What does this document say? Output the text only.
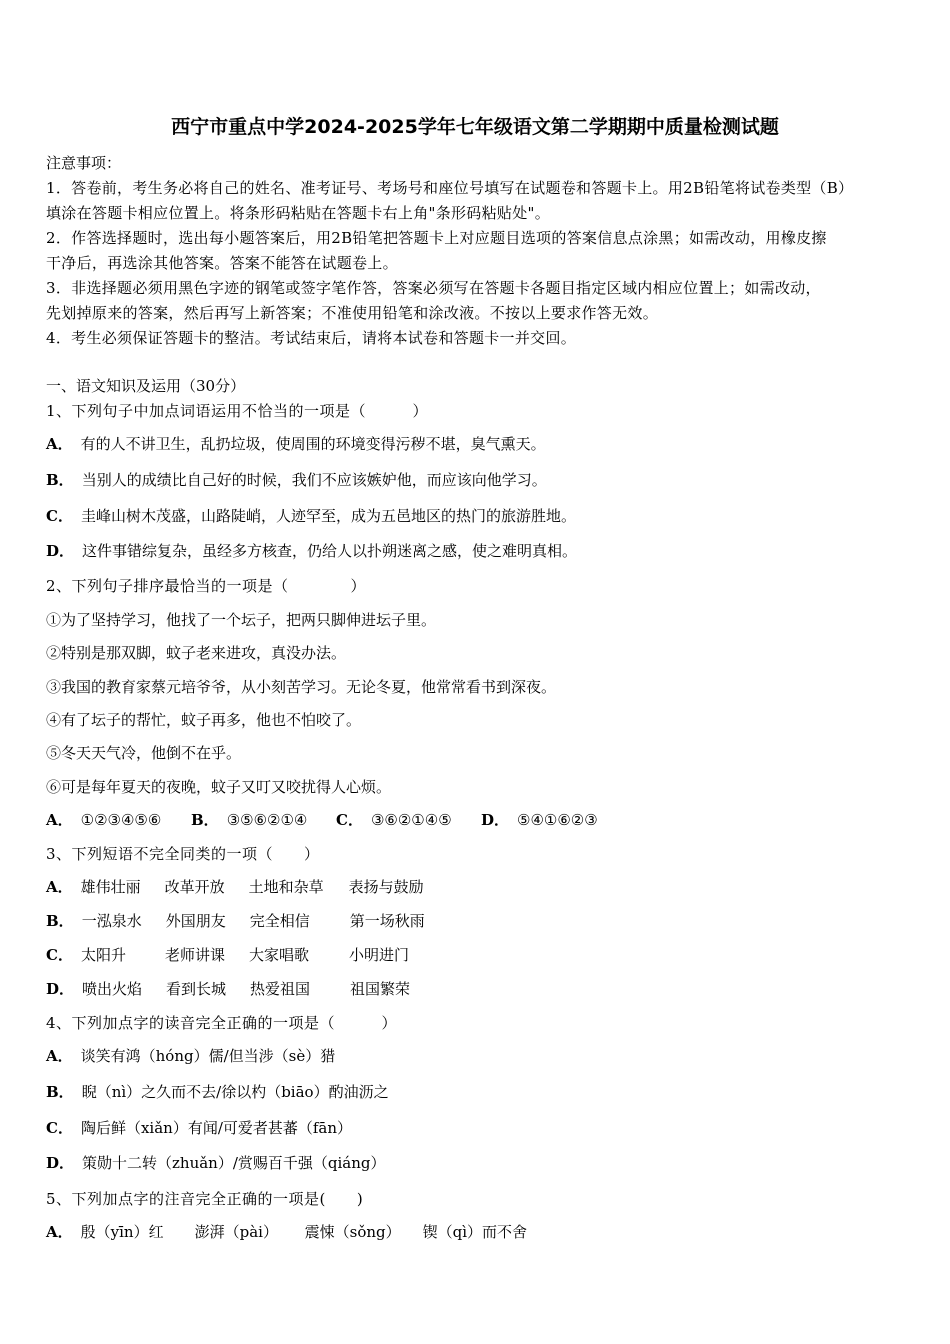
西宁市重点中学2024-2025学年七年级语文第二学期期中质量检测试题
注意事项：
1．答卷前，考生务必将自己的姓名、准考证号、考场号和座位号填写在试题卷和答题卡上。用2B铅笔将试卷类型（B）
填涂在答题卡相应位置上。将条形码粘贴在答题卡右上角"条形码粘贴处"。
2．作答选择题时，选出每小题答案后，用2B铅笔把答题卡上对应题目选项的答案信息点涂黑；如需改动，用橡皮擦
干净后，再选涂其他答案。答案不能答在试题卷上。
3．非选择题必须用黑色字迹的钢笔或签字笔作答，答案必须写在答题卡各题目指定区域内相应位置上；如需改动，
先划掉原来的答案，然后再写上新答案；不准使用铅笔和涂改液。不按以上要求作答无效。
4．考生必须保证答题卡的整洁。考试结束后，请将本试卷和答题卡一并交回。
一、语文知识及运用（30分）
1、下列句子中加点词语运用不恰当的一项是（　　　）
A． 有的人不讲卫生，乱扔垃圾，使周围的环境变得污秽不堪，臭气熏天。
B． 当别人的成绩比自己好的时候，我们不应该嫉妒他，而应该向他学习。
C． 圭峰山树木茂盛，山路陡峭，人迹罕至，成为五邑地区的热门的旅游胜地。
D． 这件事错综复杂，虽经多方核查，仍给人以扑朔迷离之感，使之难明真相。
2、下列句子排序最恰当的一项是（　　　　）
①为了坚持学习，他找了一个坛子，把两只脚伸进坛子里。
②特别是那双脚，蚊子老来进攻，真没办法。
③我国的教育家蔡元培爷爷，从小刻苦学习。无论冬夏，他常常看书到深夜。
④有了坛子的帮忙，蚊子再多，他也不怕咬了。
⑤冬天天气冷，他倒不在乎。
⑥可是每年夏天的夜晚，蚊子又叮又咬扰得人心烦。
A． ①②③④⑤⑥ B． ③⑤⑥②①④ C． ③⑥②①④⑤ D． ⑤④①⑥②③
3、下列短语不完全同类的一项（　　）
A． 雄伟壮丽 改革开放 土地和杂草 表扬与鼓励
B． 一泓泉水 外国朋友 完全相信	第一场秋雨
C． 太阳升	老师讲课 大家唱歌	小明进门
D． 喷出火焰 看到长城 热爱祖国	祖国繁荣
4、下列加点字的读音完全正确的一项是（　　　）
A． 谈笑有鸿（hóng）儒/但当涉（sè）猎
B． 睨（nì）之久而不去/徐以杓（biāo）酌油沥之
C． 陶后鲜（xiǎn）有闻/可爱者甚蕃（fān）
D． 策勋十二转（zhuǎn）/赏赐百千强（qiáng）
5、下列加点字的注音完全正确的一项是(　　)
A． 殷（yīn）红 澎湃（pài） 震悚（sǒng） 锲（qì）而不舍
